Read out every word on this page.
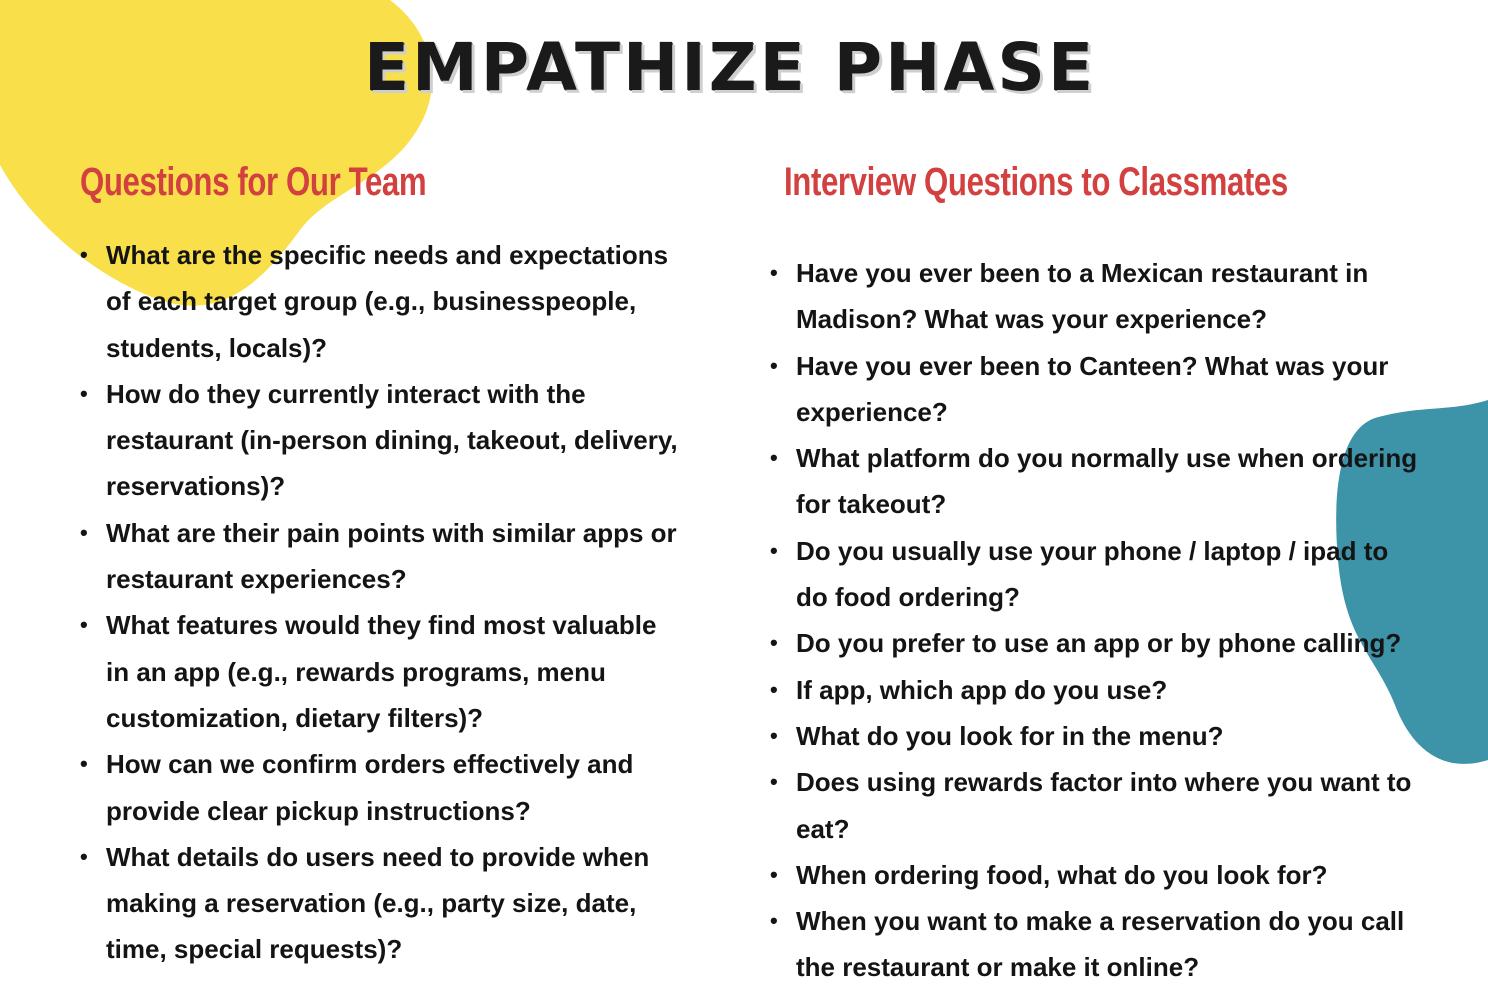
EMPATHIZE PHASE
Questions for Our Team	Interview Questions to Classmates
• What are the specific needs and expectations of each target group (e.g., businesspeople, students, locals)?
• How do they currently interact with the restaurant (in-person dining, takeout, delivery, reservations)?
• What are their pain points with similar apps or restaurant experiences?
• What features would they find most valuable in an app (e.g., rewards programs, menu customization, dietary filters)?
• How can we confirm orders effectively and provide clear pickup instructions?
• What details do users need to provide when making a reservation (e.g., party size, date, time, special requests)?
• Have you ever been to a Mexican restaurant in Madison? What was your experience?
• Have you ever been to Canteen? What was your experience?
• What platform do you normally use when ordering for takeout?
• Do you usually use your phone / laptop / ipad to do food ordering?
• Do you prefer to use an app or by phone calling?
• If app, which app do you use?
• What do you look for in the menu?
• Does using rewards factor into where you want to eat?
• When ordering food, what do you look for?
• When you want to make a reservation do you call the restaurant or make it online?
